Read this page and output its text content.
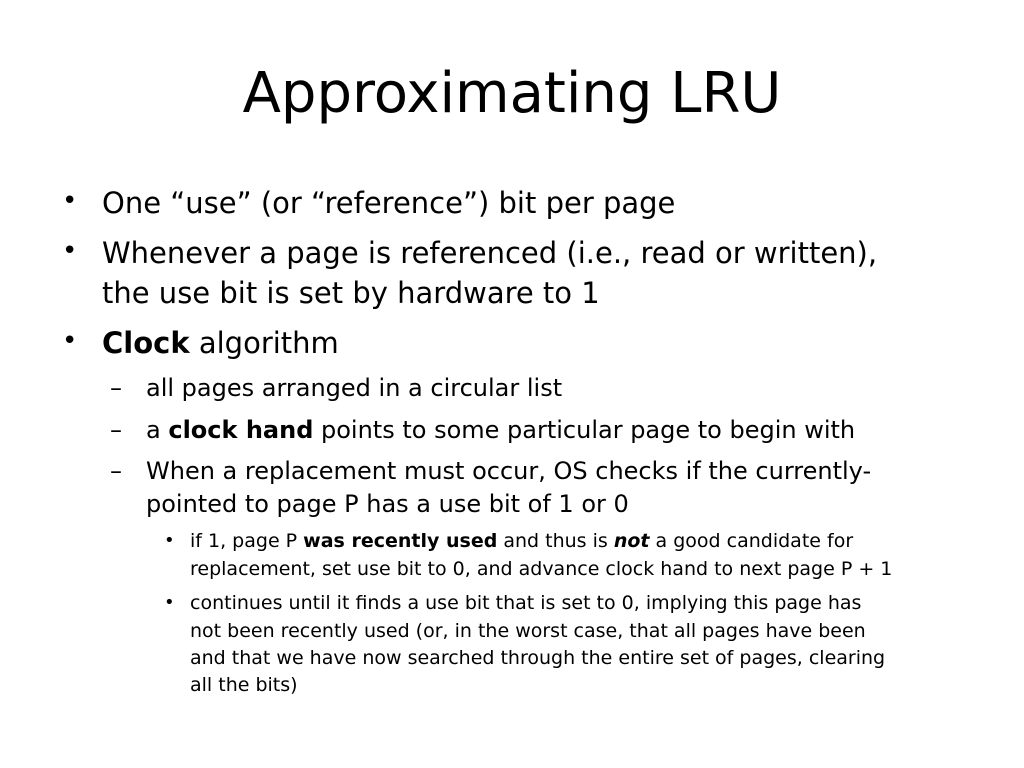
Approximating LRU
• One “use” (or “reference”) bit per page
• Whenever a page is referenced (i.e., read or written),
the use bit is set by hardware to 1
• Clock algorithm
– all pages arranged in a circular list
– a clock hand points to some particular page to begin with
– When a replacement must occur, OS checks if the currently-
pointed to page P has a use bit of 1 or 0
• if 1, page P was recently used and thus is not a good candidate for
replacement, set use bit to 0, and advance clock hand to next page P + 1
• continues until it finds a use bit that is set to 0, implying this page has
not been recently used (or, in the worst case, that all pages have been
and that we have now searched through the entire set of pages, clearing
all the bits)
